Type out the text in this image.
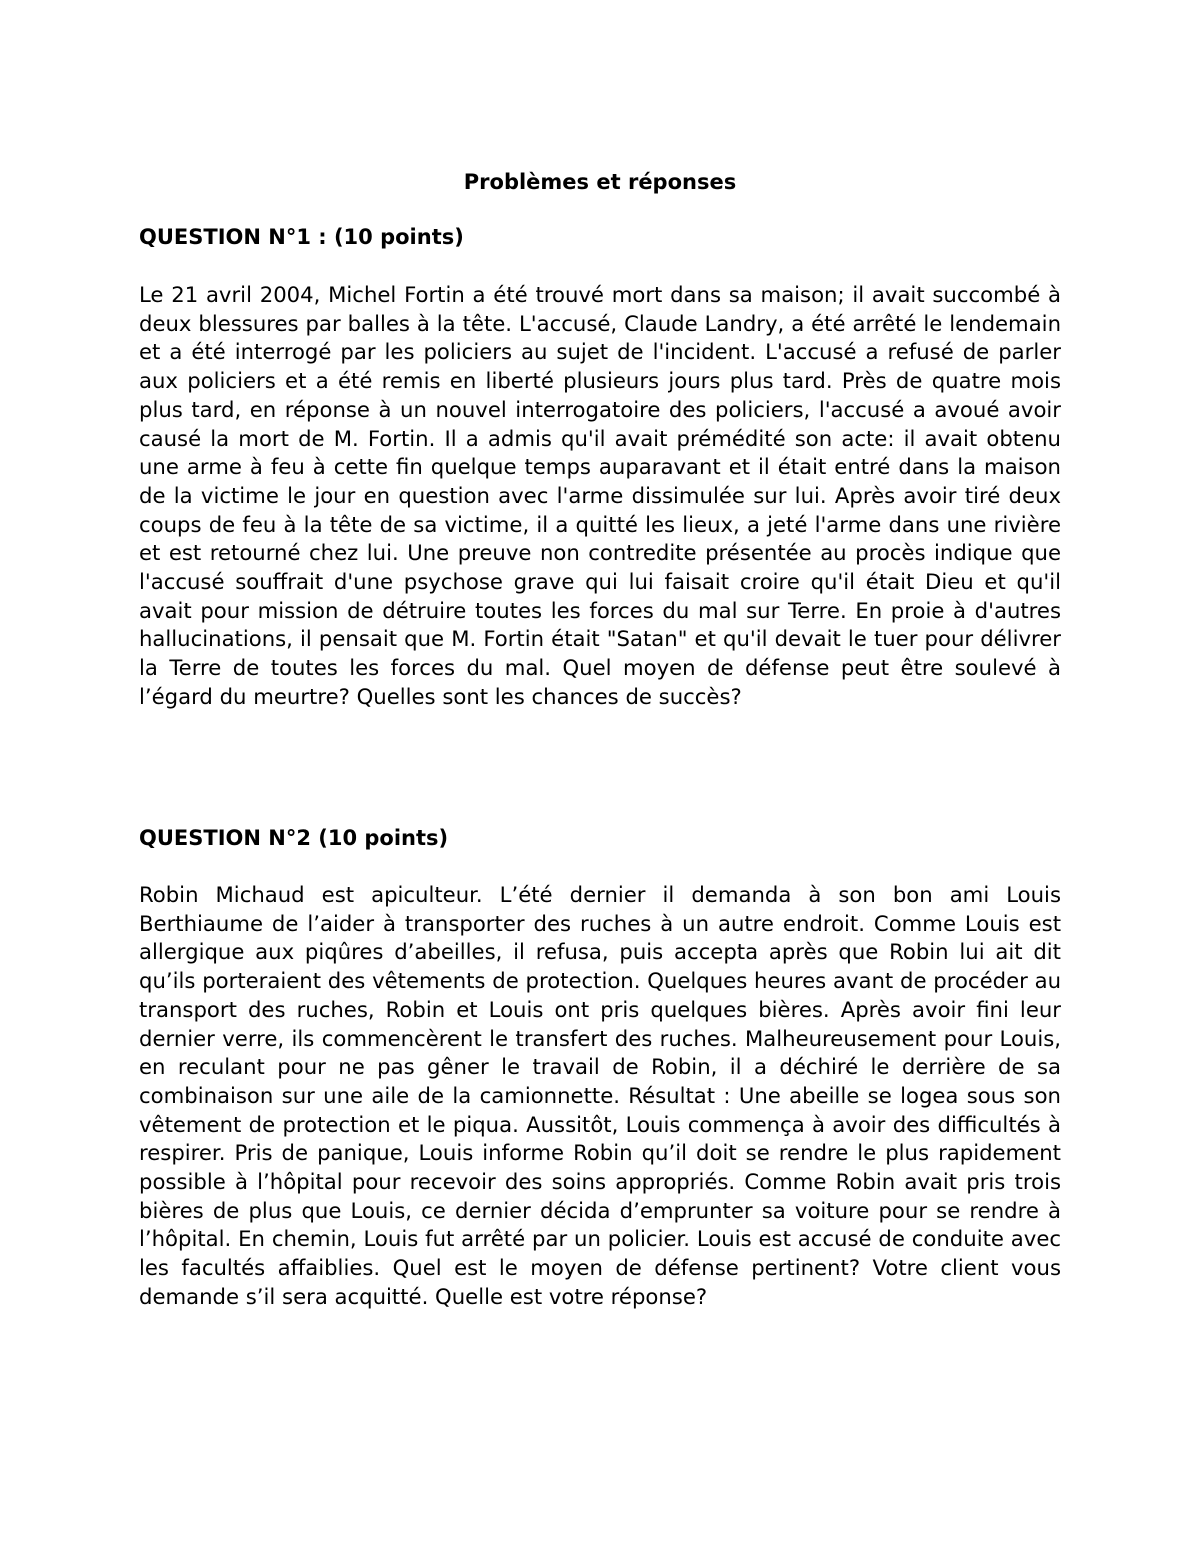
Problèmes et réponses
QUESTION N°1 : (10 points)

Le 21 avril 2004, Michel Fortin a été trouvé mort dans sa maison; il avait succombé à deux blessures par balles à la tête. L'accusé, Claude Landry, a été arrêté le lendemain et a été interrogé par les policiers au sujet de l'incident. L'accusé a refusé de parler aux policiers et a été remis en liberté plusieurs jours plus tard. Près de quatre mois plus tard, en réponse à un nouvel interrogatoire des policiers, l'accusé a avoué avoir causé la mort de M. Fortin. Il a admis qu'il avait prémédité son acte: il avait obtenu une arme à feu à cette fin quelque temps auparavant et il était entré dans la maison de la victime le jour en question avec l'arme dissimulée sur lui. Après avoir tiré deux coups de feu à la tête de sa victime, il a quitté les lieux, a jeté l'arme dans une rivière et est retourné chez lui. Une preuve non contredite présentée au procès indique que l'accusé souffrait d'une psychose grave qui lui faisait croire qu'il était Dieu et qu'il avait pour mission de détruire toutes les forces du mal sur Terre. En proie à d'autres hallucinations, il pensait que M. Fortin était "Satan" et qu'il devait le tuer pour délivrer la Terre de toutes les forces du mal. Quel moyen de défense peut être soulevé à l’égard du meurtre? Quelles sont les chances de succès?

QUESTION N°2 (10 points)

Robin Michaud est apiculteur. L’été dernier il demanda à son bon ami Louis Berthiaume de l’aider à transporter des ruches à un autre endroit. Comme Louis est allergique aux piqûres d’abeilles, il refusa, puis accepta après que Robin lui ait dit qu’ils porteraient des vêtements de protection. Quelques heures avant de procéder au transport des ruches, Robin et Louis ont pris quelques bières. Après avoir fini leur dernier verre, ils commencèrent le transfert des ruches. Malheureusement pour Louis, en reculant pour ne pas gêner le travail de Robin, il a déchiré le derrière de sa combinaison sur une aile de la camionnette. Résultat : Une abeille se logea sous son vêtement de protection et le piqua. Aussitôt, Louis commença à avoir des difficultés à respirer. Pris de panique, Louis informe Robin qu’il doit se rendre le plus rapidement possible à l’hôpital pour recevoir des soins appropriés. Comme Robin avait pris trois bières de plus que Louis, ce dernier décida d’emprunter sa voiture pour se rendre à l’hôpital. En chemin, Louis fut arrêté par un policier. Louis est accusé de conduite avec les facultés affaiblies. Quel est le moyen de défense pertinent? Votre client vous demande s’il sera acquitté. Quelle est votre réponse?
